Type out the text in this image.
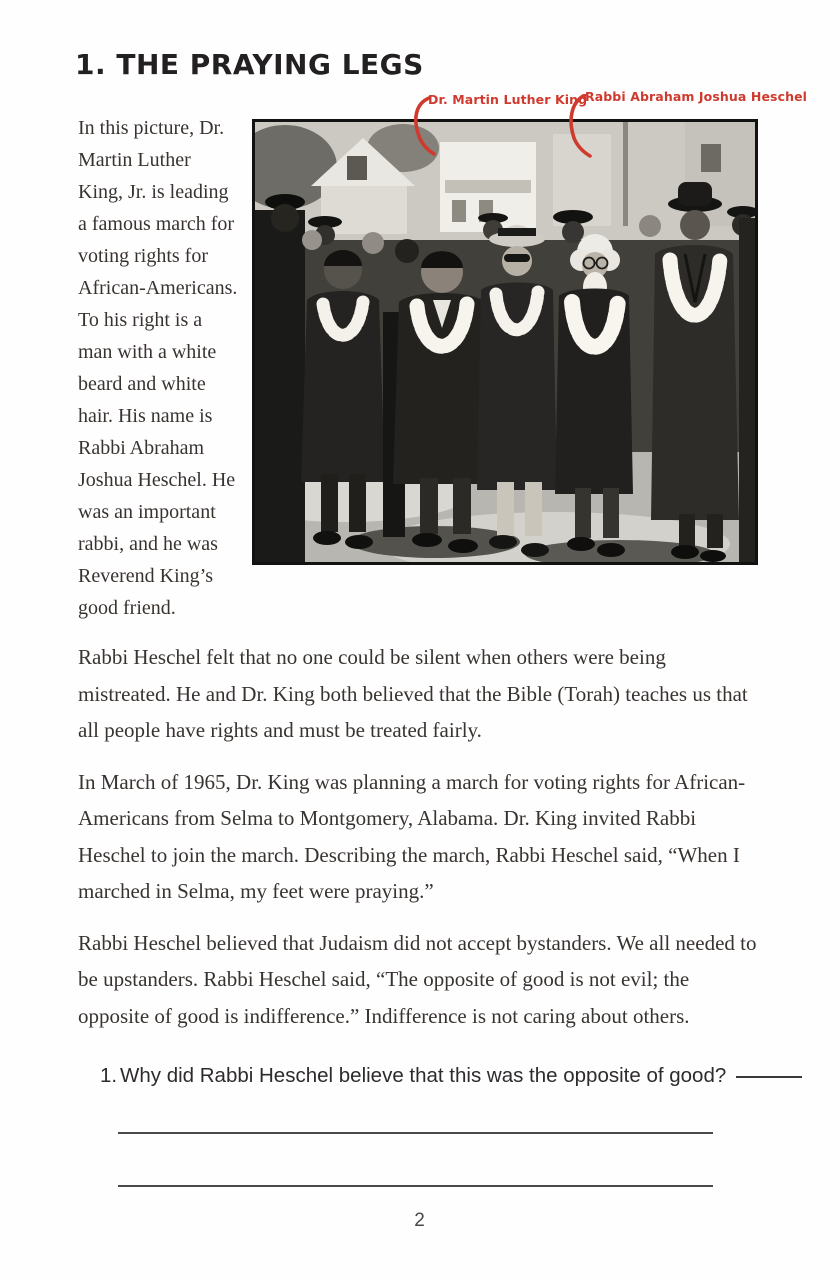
1. THE PRAYING LEGS
Dr. Martin Luther King
Rabbi Abraham Joshua Heschel

In this picture, Dr. Martin Luther King, Jr. is leading a famous march for voting rights for African-Americans. To his right is a man with a white beard and white hair. His name is Rabbi Abraham Joshua Heschel. He was an important rabbi, and he was Reverend King’s good friend.

Rabbi Heschel felt that no one could be silent when others were being mistreated. He and Dr. King both believed that the Bible (Torah) teaches us that all people have rights and must be treated fairly.

In March of 1965, Dr. King was planning a march for voting rights for African-Americans from Selma to Montgomery, Alabama. Dr. King invited Rabbi Heschel to join the march. Describing the march, Rabbi Heschel said, “When I marched in Selma, my feet were praying.”

Rabbi Heschel believed that Judaism did not accept bystanders. We all needed to be upstanders. Rabbi Heschel said, “The opposite of good is not evil; the opposite of good is indifference.” Indifference is not caring about others.

1. Why did Rabbi Heschel believe that this was the opposite of good?
2
